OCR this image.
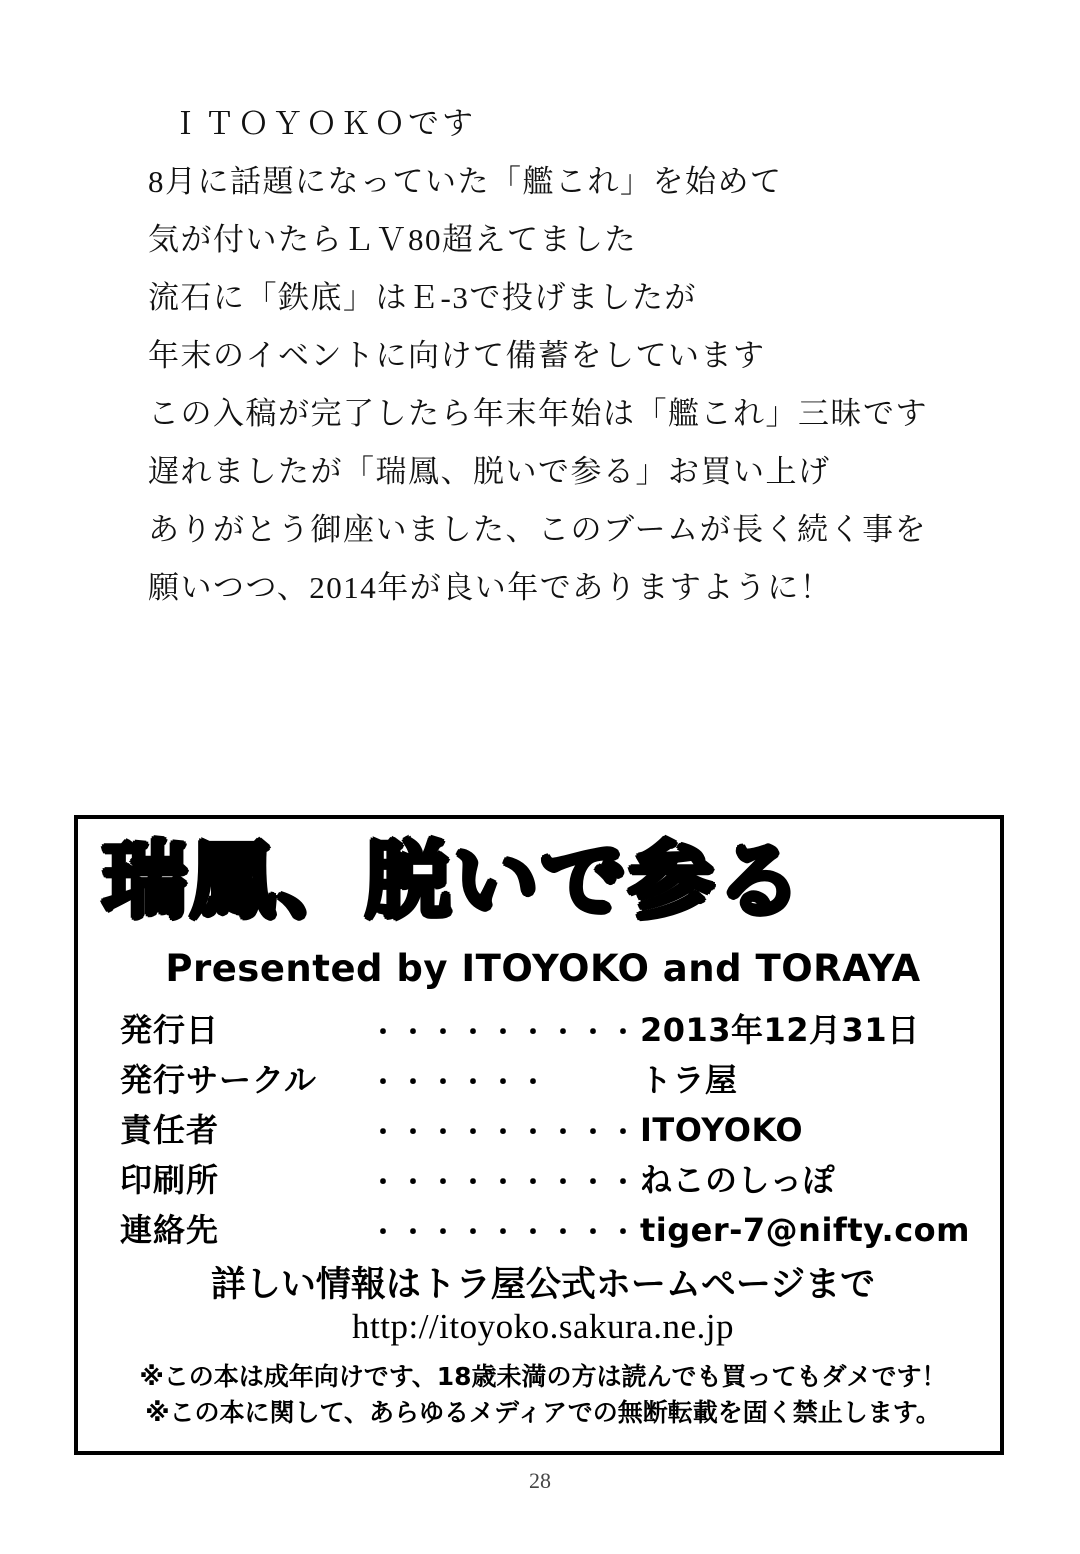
ＩＴＯＹＯＫＯです
8月に話題になっていた「艦これ」を始めて
気が付いたらＬＶ80超えてました
流石に「鉄底」はＥ-3で投げましたが
年末のイベントに向けて備蓄をしています
この入稿が完了したら年末年始は「艦これ」三昧です
遅れましたが「瑞鳳、脱いで参る」お買い上げ
ありがとう御座いました、このブームが長く続く事を
願いつつ、2014年が良い年でありますように！
瑞鳳、脱いで参る
Presented by ITOYOKO and TORAYA
発行日	・・・・・・・・・	2013年12月31日
発行サークル	・・・・・・	トラ屋
責任者	・・・・・・・・・	ITOYOKO
印刷所	・・・・・・・・・	ねこのしっぽ
連絡先	・・・・・・・・・	tiger-7@nifty.com
詳しい情報はトラ屋公式ホームページまで
http://itoyoko.sakura.ne.jp
※この本は成年向けです、18歳未満の方は読んでも買ってもダメです！
※この本に関して、あらゆるメディアでの無断転載を固く禁止します。
28
